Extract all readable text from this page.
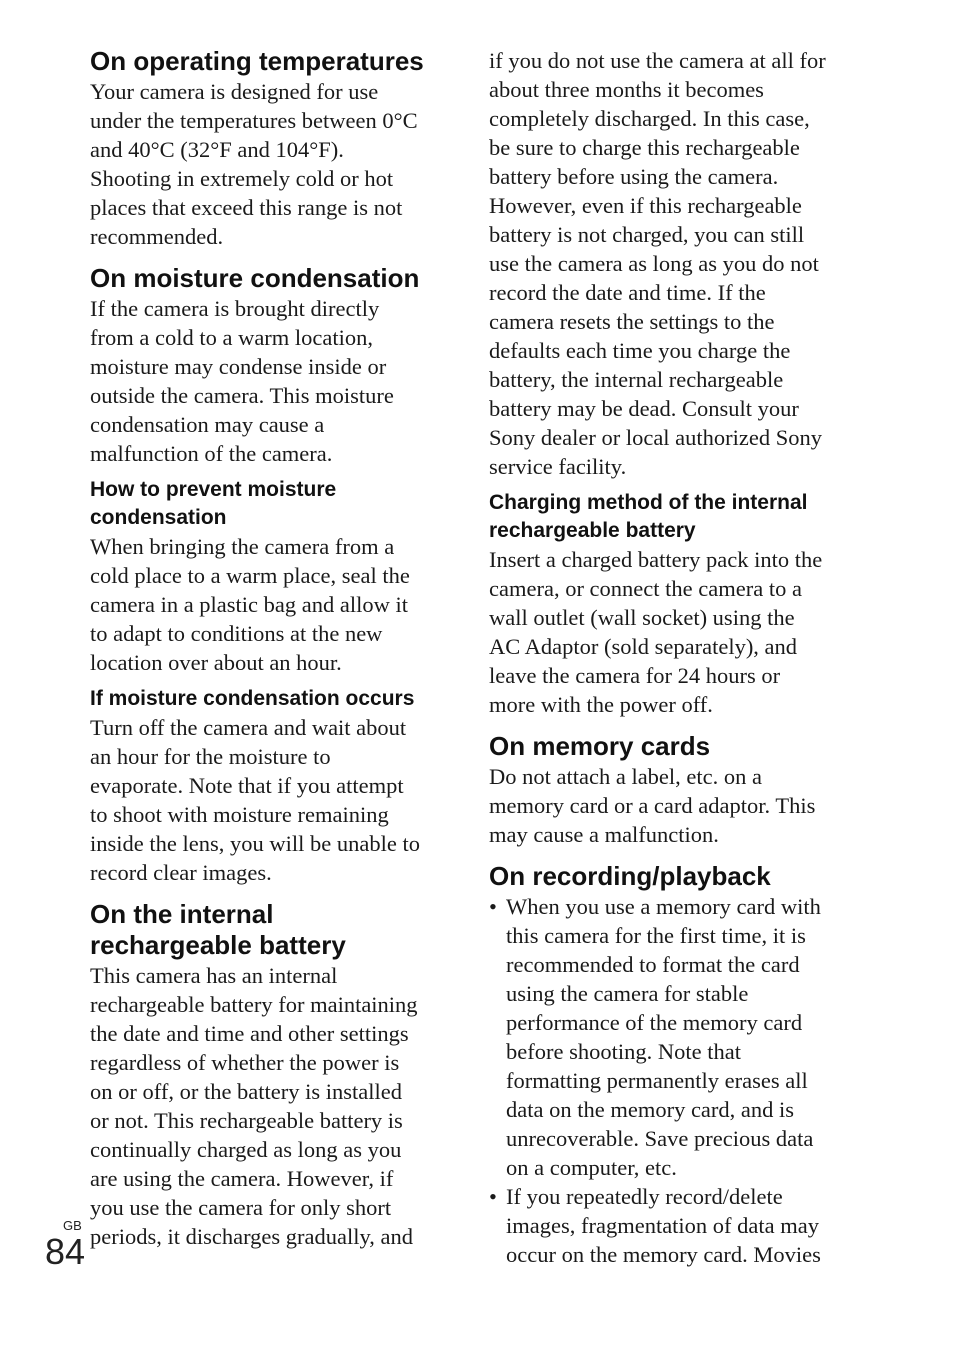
On operating temperatures

Your camera is designed for use
under the temperatures between 0°C
and 40°C (32°F and 104°F).
Shooting in extremely cold or hot
places that exceed this range is not
recommended.

On moisture condensation

If the camera is brought directly
from a cold to a warm location,
moisture may condense inside or
outside the camera. This moisture
condensation may cause a
malfunction of the camera.

How to prevent moisture
condensation

When bringing the camera from a
cold place to a warm place, seal the
camera in a plastic bag and allow it
to adapt to conditions at the new
location over about an hour.

If moisture condensation occurs

Turn off the camera and wait about
an hour for the moisture to
evaporate. Note that if you attempt
to shoot with moisture remaining
inside the lens, you will be unable to
record clear images.

On the internal
rechargeable battery

This camera has an internal
rechargeable battery for maintaining
the date and time and other settings
regardless of whether the power is
on or off, or the battery is installed
or not. This rechargeable battery is
continually charged as long as you
are using the camera. However, if
you use the camera for only short
periods, it discharges gradually, and

if you do not use the camera at all for
about three months it becomes
completely discharged. In this case,
be sure to charge this rechargeable
battery before using the camera.
However, even if this rechargeable
battery is not charged, you can still
use the camera as long as you do not
record the date and time. If the
camera resets the settings to the
defaults each time you charge the
battery, the internal rechargeable
battery may be dead. Consult your
Sony dealer or local authorized Sony
service facility.

Charging method of the internal
rechargeable battery

Insert a charged battery pack into the
camera, or connect the camera to a
wall outlet (wall socket) using the
AC Adaptor (sold separately), and
leave the camera for 24 hours or
more with the power off.

On memory cards

Do not attach a label, etc. on a
memory card or a card adaptor. This
may cause a malfunction.

On recording/playback
• When you use a memory card with
this camera for the first time, it is
recommended to format the card
using the camera for stable
performance of the memory card
before shooting. Note that
formatting permanently erases all
data on the memory card, and is
unrecoverable. Save precious data
on a computer, etc.
• If you repeatedly record/delete
images, fragmentation of data may
occur on the memory card. Movies
GB
84
